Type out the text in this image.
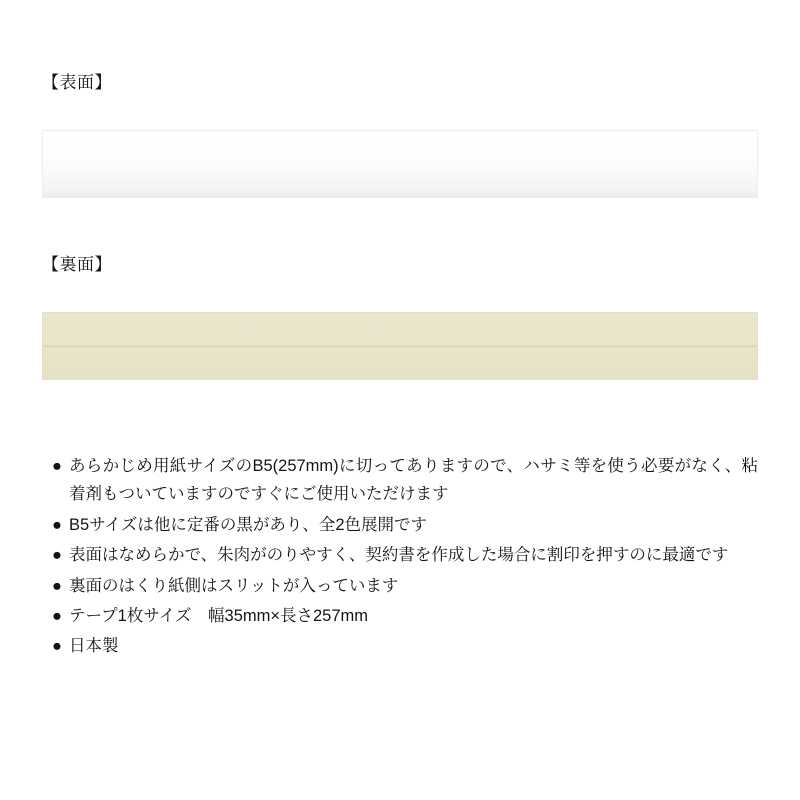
【表面】
【裏面】
● あらかじめ用紙サイズのB5(257mm)に切ってありますので、ハサミ等を使う必要がなく、粘着剤もついていますのですぐにご使用いただけます
● B5サイズは他に定番の黒があり、全2色展開です
● 表面はなめらかで、朱肉がのりやすく、契約書を作成した場合に割印を押すのに最適です
● 裏面のはくり紙側はスリットが入っています
● テープ1枚サイズ　幅35mm×長さ257mm
● 日本製
